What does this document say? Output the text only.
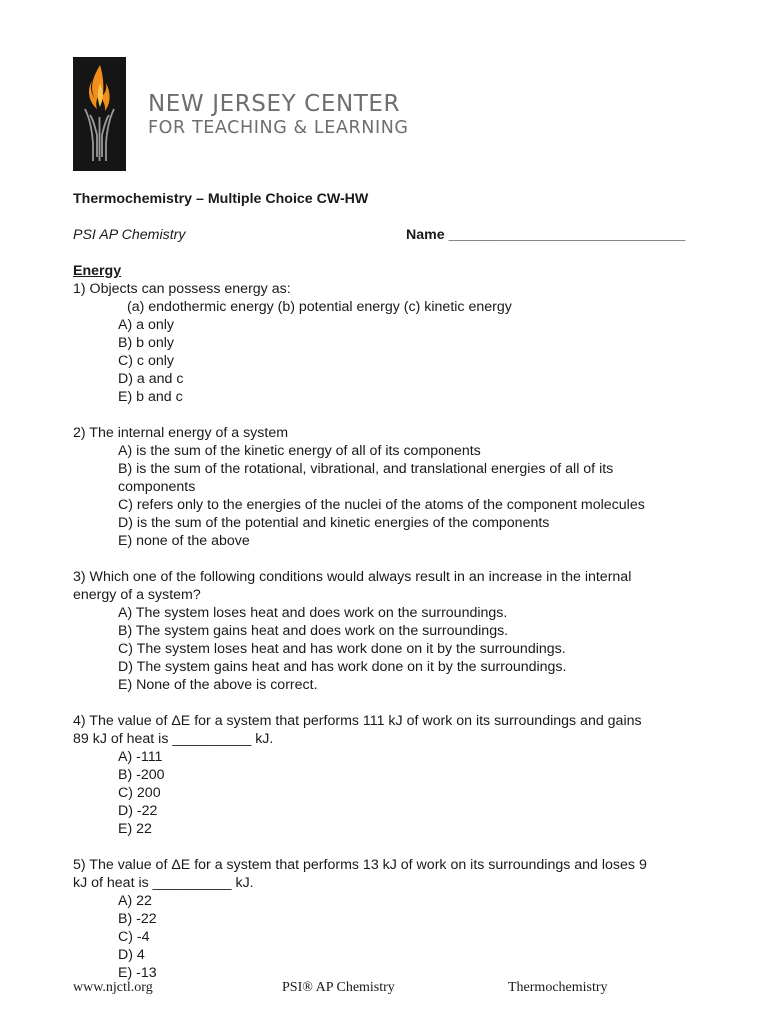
NEW JERSEY CENTER
FOR TEACHING & LEARNING
Thermochemistry – Multiple Choice CW-HW
PSI AP Chemistry	Name ______________________________
Energy
1) Objects can possess energy as:
(a) endothermic energy (b) potential energy (c) kinetic energy
A) a only
B) b only
C) c only
D) a and c
E) b and c
2) The internal energy of a system
A) is the sum of the kinetic energy of all of its components
B) is the sum of the rotational, vibrational, and translational energies of all of its components
C) refers only to the energies of the nuclei of the atoms of the component molecules
D) is the sum of the potential and kinetic energies of the components
E) none of the above
3) Which one of the following conditions would always result in an increase in the internal
energy of a system?
A) The system loses heat and does work on the surroundings.
B) The system gains heat and does work on the surroundings.
C) The system loses heat and has work done on it by the surroundings.
D) The system gains heat and has work done on it by the surroundings.
E) None of the above is correct.
4) The value of ΔE for a system that performs 111 kJ of work on its surroundings and gains
89 kJ of heat is __________ kJ.
A) -111
B) -200
C) 200
D) -22
E) 22
5) The value of ΔE for a system that performs 13 kJ of work on its surroundings and loses 9
kJ of heat is __________ kJ.
A) 22
B) -22
C) -4
D) 4
E) -13
www.njctl.org	PSI® AP Chemistry	Thermochemistry
